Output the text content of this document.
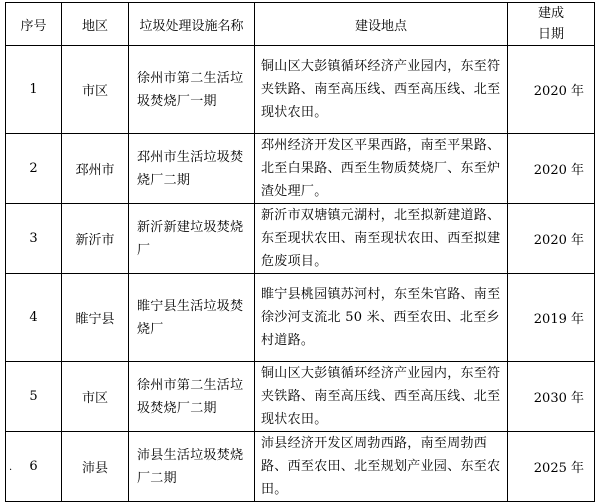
序号	地区	垃圾处理设施名称	建设地点	建成
日期
1	市区	徐州市第二生活垃圾焚烧厂一期	铜山区大彭镇循环经济产业园内，东至符夹铁路、南至高压线、西至高压线、北至现状农田。	2020 年
2	邳州市	邳州市生活垃圾焚烧厂二期	邳州经济开发区平果西路，南至平果路、北至白果路、西至生物质焚烧厂、东至炉渣处理厂。	2020 年
3	新沂市	新沂新建垃圾焚烧厂	新沂市双塘镇元湖村，北至拟新建道路、东至现状农田、南至现状农田、西至拟建危废项目。	2020 年
4	睢宁县	睢宁县生活垃圾焚烧厂	睢宁县桃园镇苏河村，东至朱官路、南至徐沙河支流北 50 米、西至农田、北至乡村道路。	2019 年
5	市区	徐州市第二生活垃圾焚烧厂二期	铜山区大彭镇循环经济产业园内，东至符夹铁路、南至高压线、西至高压线、北至现状农田。	2030 年
6	沛县	沛县生活垃圾焚烧厂二期	沛县经济开发区周勃西路，南至周勃西路、西至农田、北至规划产业园、东至农田。	2025 年
.
